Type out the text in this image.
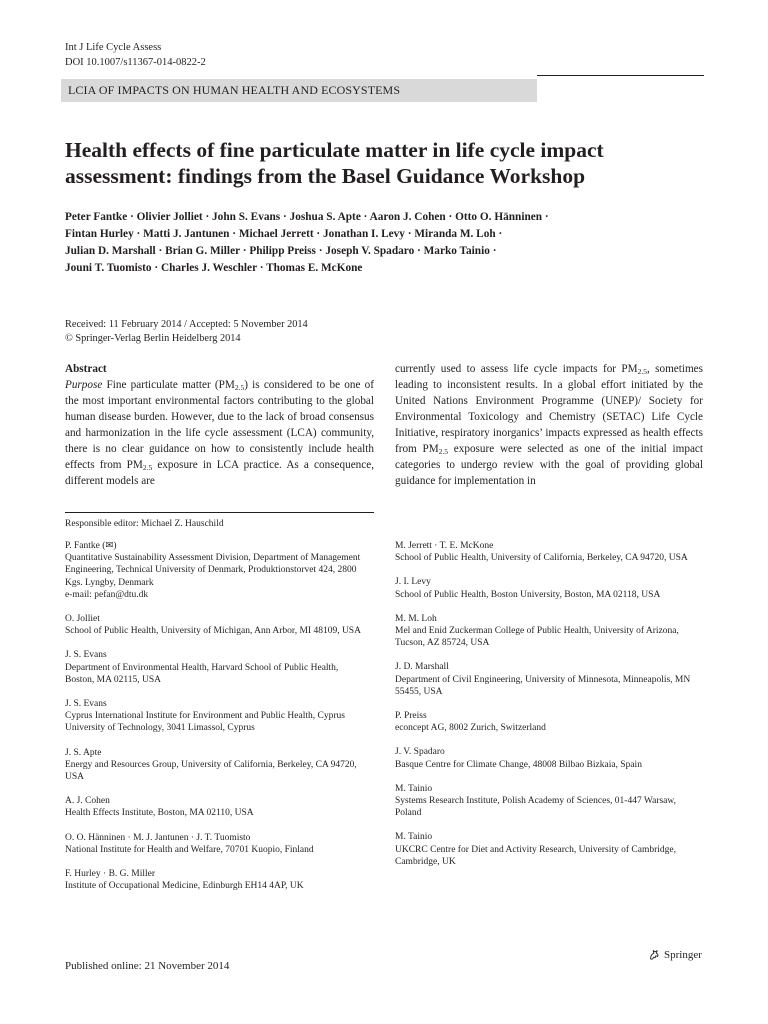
Int J Life Cycle Assess
DOI 10.1007/s11367-014-0822-2
LCIA OF IMPACTS ON HUMAN HEALTH AND ECOSYSTEMS
Health effects of fine particulate matter in life cycle impact assessment: findings from the Basel Guidance Workshop
Peter Fantke · Olivier Jolliet · John S. Evans · Joshua S. Apte · Aaron J. Cohen · Otto O. Hänninen ·
Fintan Hurley · Matti J. Jantunen · Michael Jerrett · Jonathan I. Levy · Miranda M. Loh ·
Julian D. Marshall · Brian G. Miller · Philipp Preiss · Joseph V. Spadaro · Marko Tainio ·
Jouni T. Tuomisto · Charles J. Weschler · Thomas E. McKone
Received: 11 February 2014 / Accepted: 5 November 2014
© Springer-Verlag Berlin Heidelberg 2014
Abstract
Purpose Fine particulate matter $(PM_{2.5})$ is considered to be one of the most important environmental factors contributing to the global human disease burden. However, due to the lack of broad consensus and harmonization in the life cycle assessment (LCA) community, there is no clear guidance on how to consistently include health effects from $PM_{2.5}$ exposure in LCA practice. As a consequence, different models are
currently used to assess life cycle impacts for $PM_{2.5}$, sometimes leading to inconsistent results. In a global effort initiated by the United Nations Environment Programme (UNEP)/ Society for Environmental Toxicology and Chemistry (SETAC) Life Cycle Initiative, respiratory inorganics’ impacts expressed as health effects from $PM_{2.5}$ exposure were selected as one of the initial impact categories to undergo review with the goal of providing global guidance for implementation in
Responsible editor: Michael Z. Hauschild
P. Fantke (✉)
Quantitative Sustainability Assessment Division, Department of Management Engineering, Technical University of Denmark, Produktionstorvet 424, 2800 Kgs. Lyngby, Denmark
e-mail: pefan@dtu.dk
O. Jolliet
School of Public Health, University of Michigan, Ann Arbor, MI 48109, USA
J. S. Evans
Department of Environmental Health, Harvard School of Public Health, Boston, MA 02115, USA
J. S. Evans
Cyprus International Institute for Environment and Public Health, Cyprus University of Technology, 3041 Limassol, Cyprus
J. S. Apte
Energy and Resources Group, University of California, Berkeley, CA 94720, USA
A. J. Cohen
Health Effects Institute, Boston, MA 02110, USA
O. O. Hänninen · M. J. Jantunen · J. T. Tuomisto
National Institute for Health and Welfare, 70701 Kuopio, Finland
F. Hurley · B. G. Miller
Institute of Occupational Medicine, Edinburgh EH14 4AP, UK
M. Jerrett · T. E. McKone
School of Public Health, University of California, Berkeley, CA 94720, USA
J. I. Levy
School of Public Health, Boston University, Boston, MA 02118, USA
M. M. Loh
Mel and Enid Zuckerman College of Public Health, University of Arizona, Tucson, AZ 85724, USA
J. D. Marshall
Department of Civil Engineering, University of Minnesota, Minneapolis, MN 55455, USA
P. Preiss
econcept AG, 8002 Zurich, Switzerland
J. V. Spadaro
Basque Centre for Climate Change, 48008 Bilbao Bizkaia, Spain
M. Tainio
Systems Research Institute, Polish Academy of Sciences, 01-447 Warsaw, Poland
M. Tainio
UKCRC Centre for Diet and Activity Research, University of Cambridge, Cambridge, UK
Published online: 21 November 2014
Springer
